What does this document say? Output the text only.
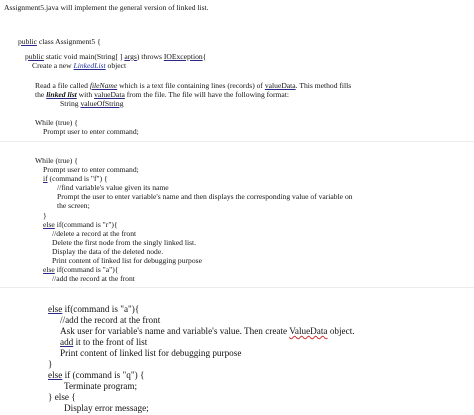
Assignment5.java will implement the general version of linked list.
public class Assignment5 {
public static void main(String[ ] args) throws IOException{
Create a new LinkedList object
Read a file called fileName which is a text file containing lines (records) of valueData. This method fills
the linked list with valueData from the file. The file will have the following format:
String valueOfString
While (true) {
Prompt user to enter command;
While (true) {
Prompt user to enter command;
if (command is "f") {
//find variable's value given its name
Prompt the user to enter variable's name and then displays the corresponding value of variable on
the screen;
}
else if(command is "r"){
//delete a record at the front
Delete the first node from the singly linked list.
Display the data of the deleted node.
Print content of linked list for debugging purpose
else if(command is "a"){
//add the record at the front
else if(command is "a"){
//add the record at the front
Ask user for variable's name and variable's value. Then create ValueData object.
add it to the front of list
Print content of linked list for debugging purpose
}
else if (command is "q") {
Terminate program;
} else {
Display error message;
